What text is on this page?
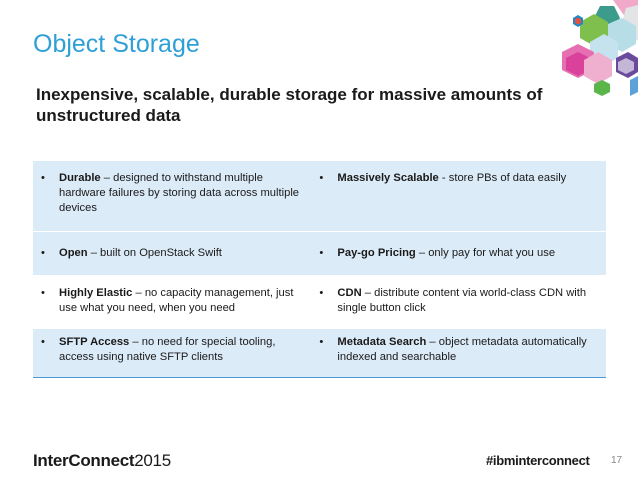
Object Storage
Inexpensive, scalable, durable storage for massive amounts of unstructured data
• Durable – designed to withstand multiple hardware failures by storing data across multiple devices	• Massively Scalable - store PBs of data easily

• Open – built on OpenStack Swift	• Pay-go Pricing – only pay for what you use

• Highly Elastic – no capacity management, just use what you need, when you need	• CDN – distribute content via world-class CDN with single button click

• SFTP Access – no need for special tooling, access using native SFTP clients	• Metadata Search – object metadata automatically indexed and searchable
InterConnect2015	#ibminterconnect 17
